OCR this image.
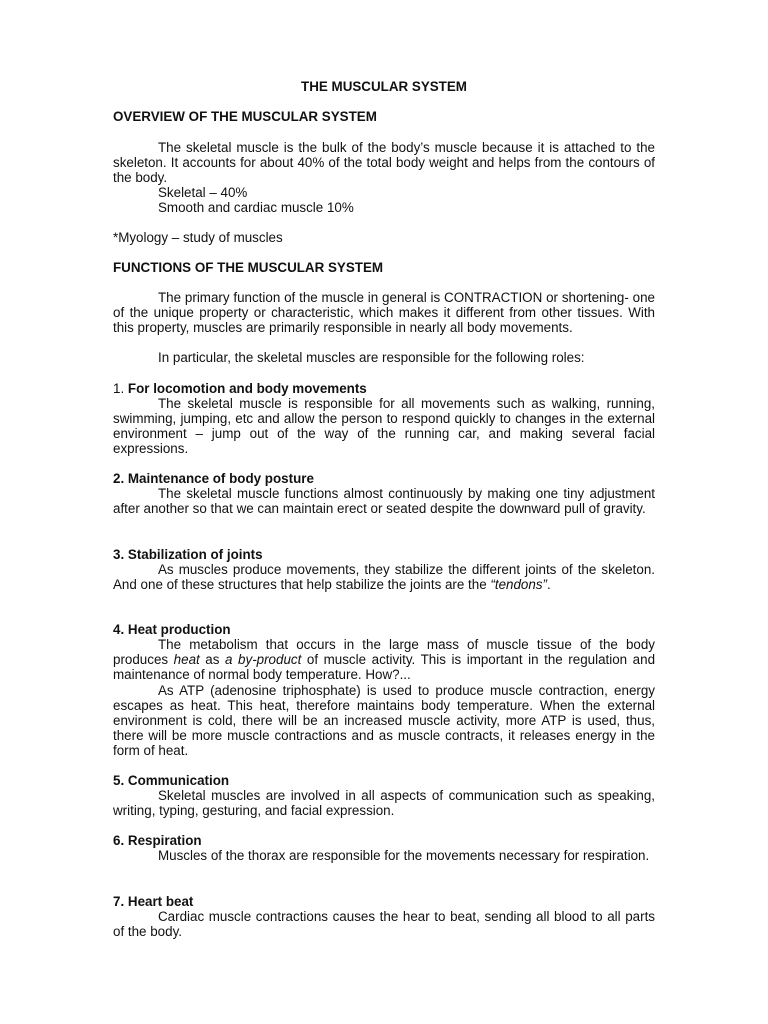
THE MUSCULAR SYSTEM
OVERVIEW OF THE MUSCULAR SYSTEM
The skeletal muscle is the bulk of the body’s muscle because it is attached to the skeleton. It accounts for about 40% of the total body weight and helps from the contours of the body.
Skeletal – 40%
Smooth and cardiac muscle 10%
*Myology – study of muscles
FUNCTIONS OF THE MUSCULAR SYSTEM
The primary function of the muscle in general is CONTRACTION or shortening- one of the unique property or characteristic, which makes it different from other tissues. With this property, muscles are primarily responsible in nearly all body movements.
In particular, the skeletal muscles are responsible for the following roles:
1. For locomotion and body movements
The skeletal muscle is responsible for all movements such as walking, running, swimming, jumping, etc and allow the person to respond quickly to changes in the external environment – jump out of the way of the running car, and making several facial expressions.
2. Maintenance of body posture
The skeletal muscle functions almost continuously by making one tiny adjustment after another so that we can maintain erect or seated despite the downward pull of gravity.
3. Stabilization of joints
As muscles produce movements, they stabilize the different joints of the skeleton. And one of these structures that help stabilize the joints are the “tendons”.
4. Heat production
The metabolism that occurs in the large mass of muscle tissue of the body produces heat as a by-product of muscle activity. This is important in the regulation and maintenance of normal body temperature. How?...
As ATP (adenosine triphosphate) is used to produce muscle contraction, energy escapes as heat. This heat, therefore maintains body temperature. When the external environment is cold, there will be an increased muscle activity, more ATP is used, thus, there will be more muscle contractions and as muscle contracts, it releases energy in the form of heat.
5. Communication
Skeletal muscles are involved in all aspects of communication such as speaking, writing, typing, gesturing, and facial expression.
6. Respiration
Muscles of the thorax are responsible for the movements necessary for respiration.
7. Heart beat
Cardiac muscle contractions causes the hear to beat, sending all blood to all parts of the body.
